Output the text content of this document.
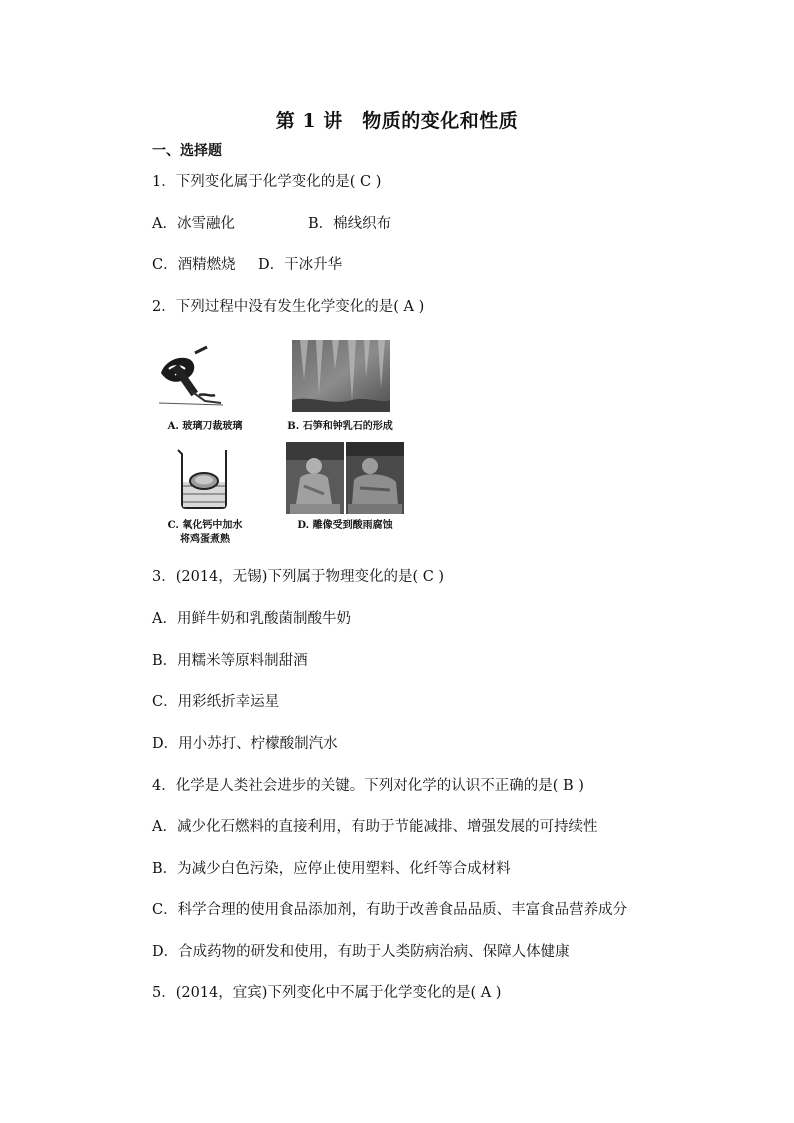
第 1 讲　物质的变化和性质
一、选择题
1．下列变化属于化学变化的是( C )
A．冰雪融化	B．棉线织布
C．酒精燃烧 D．干冰升华
2．下列过程中没有发生化学变化的是( A )
A. 玻璃刀裁玻璃	B. 石笋和钟乳石的形成
C. 氧化钙中加水
将鸡蛋煮熟
D. 雕像受到酸雨腐蚀
3．(2014，无锡)下列属于物理变化的是( C )
A．用鲜牛奶和乳酸菌制酸牛奶
B．用糯米等原料制甜酒
C．用彩纸折幸运星
D．用小苏打、柠檬酸制汽水
4．化学是人类社会进步的关键。下列对化学的认识不正确的是( B )
A．减少化石燃料的直接利用，有助于节能减排、增强发展的可持续性
B．为减少白色污染，应停止使用塑料、化纤等合成材料
C．科学合理的使用食品添加剂，有助于改善食品品质、丰富食品营养成分
D．合成药物的研发和使用，有助于人类防病治病、保障人体健康
5．(2014，宜宾)下列变化中不属于化学变化的是( A )
